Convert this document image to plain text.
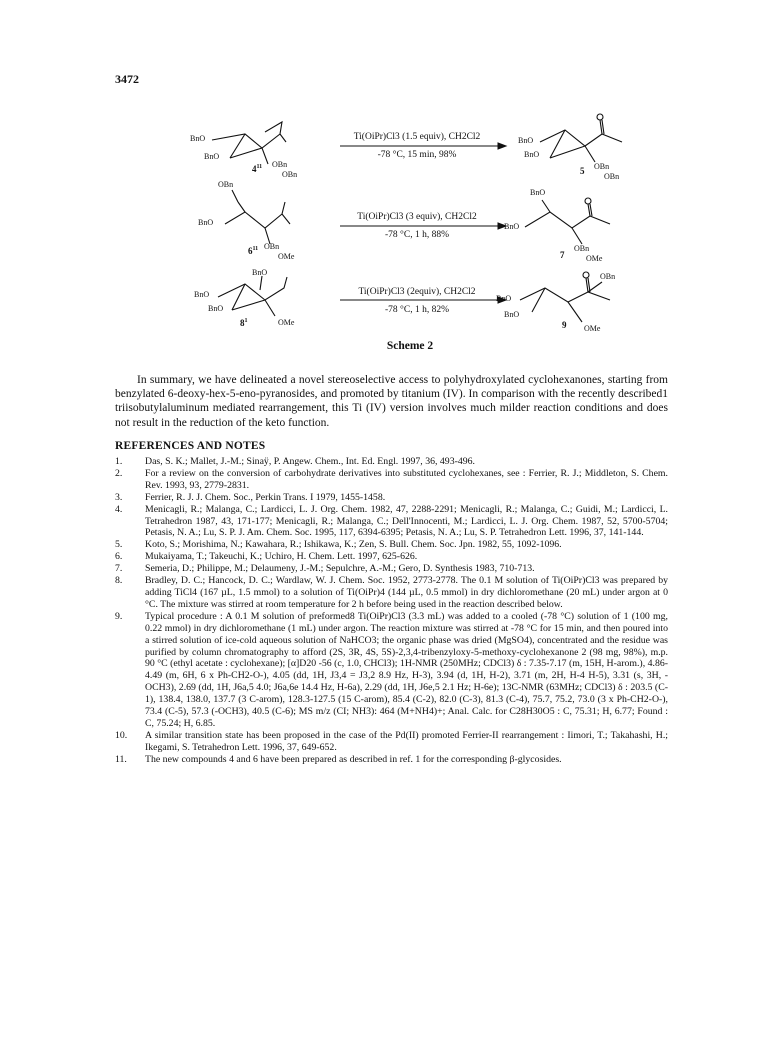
3472
BnO
BnO
OBn
OBn
$4^{11}$
Ti(OiPr)Cl3 (1.5 equiv), CH2Cl2
-78 °C, 15 min, 98%
BnO
BnO
OBn
OBn
5
OBn
BnO
OBn
OMe
$6^{11}$
Ti(OiPr)Cl3 (3 equiv), CH2Cl2
-78 °C, 1 h, 88%
BnO
BnO
OBn
OMe
7
BnO
BnO
BnO
OMe
$8^1$
Ti(OiPr)Cl3 (2equiv), CH2Cl2
-78 °C, 1 h, 82%
OBn
BnO
BnO
OMe
9
Scheme 2

In summary, we have delineated a novel stereoselective access to polyhydroxylated cyclohexanones, starting from benzylated 6-deoxy-hex-5-eno-pyranosides, and promoted by titanium (IV). In comparison with the recently described1 triisobutylaluminum mediated rearrangement, this Ti (IV) version involves much milder reaction conditions and does not result in the reduction of the keto function.

REFERENCES AND NOTES
1. Das, S. K.; Mallet, J.-M.; Sinaÿ, P. Angew. Chem., Int. Ed. Engl. 1997, 36, 493-496.
2. For a review on the conversion of carbohydrate derivatives into substituted cyclohexanes, see : Ferrier, R. J.; Middleton, S. Chem. Rev. 1993, 93, 2779-2831.
3. Ferrier, R. J. J. Chem. Soc., Perkin Trans. I 1979, 1455-1458.
4. Menicagli, R.; Malanga, C.; Lardicci, L. J. Org. Chem. 1982, 47, 2288-2291; Menicagli, R.; Malanga, C.; Guidi, M.; Lardicci, L. Tetrahedron 1987, 43, 171-177; Menicagli, R.; Malanga, C.; Dell'Innocenti, M.; Lardicci, L. J. Org. Chem. 1987, 52, 5700-5704; Petasis, N. A.; Lu, S. P. J. Am. Chem. Soc. 1995, 117, 6394-6395; Petasis, N. A.; Lu, S. P. Tetrahedron Lett. 1996, 37, 141-144.
5. Koto, S.; Morishima, N.; Kawahara, R.; Ishikawa, K.; Zen, S. Bull. Chem. Soc. Jpn. 1982, 55, 1092-1096.
6. Mukaiyama, T.; Takeuchi, K.; Uchiro, H. Chem. Lett. 1997, 625-626.
7. Semeria, D.; Philippe, M.; Delaumeny, J.-M.; Sepulchre, A.-M.; Gero, D. Synthesis 1983, 710-713.
8. Bradley, D. C.; Hancock, D. C.; Wardlaw, W. J. Chem. Soc. 1952, 2773-2778. The 0.1 M solution of Ti(OiPr)Cl3 was prepared by adding TiCl4 (167 µL, 1.5 mmol) to a solution of Ti(OiPr)4 (144 µL, 0.5 mmol) in dry dichloromethane (20 mL) under argon at 0 °C. The mixture was stirred at room temperature for 2 h before being used in the reaction described below.
9. Typical procedure : A 0.1 M solution of preformed8 Ti(OiPr)Cl3 (3.3 mL) was added to a cooled (-78 °C) solution of 1 (100 mg, 0.22 mmol) in dry dichloromethane (1 mL) under argon. The reaction mixture was stirred at -78 °C for 15 min, and then poured into a stirred solution of ice-cold aqueous solution of NaHCO3; the organic phase was dried (MgSO4), concentrated and the residue was purified by column chromatography to afford (2S, 3R, 4S, 5S)-2,3,4-tribenzyloxy-5-methoxy-cyclohexanone 2 (98 mg, 98%), m.p. 90 °C (ethyl acetate : cyclohexane); [α]D20 -56 (c, 1.0, CHCl3); 1H-NMR (250MHz; CDCl3) δ : 7.35-7.17 (m, 15H, H-arom.), 4.86-4.49 (m, 6H, 6 x Ph-CH2-O-), 4.05 (dd, 1H, J3,4 = J3,2 8.9 Hz, H-3), 3.94 (d, 1H, H-2), 3.71 (m, 2H, H-4 H-5), 3.31 (s, 3H, -OCH3), 2.69 (dd, 1H, J6a,5 4.0; J6a,6e 14.4 Hz, H-6a), 2.29 (dd, 1H, J6e,5 2.1 Hz; H-6e); 13C-NMR (63MHz; CDCl3) δ : 203.5 (C-1), 138.4, 138.0, 137.7 (3 C-arom), 128.3-127.5 (15 C-arom), 85.4 (C-2), 82.0 (C-3), 81.3 (C-4), 75.7, 75.2, 73.0 (3 x Ph-CH2-O-), 73.4 (C-5), 57.3 (-OCH3), 40.5 (C-6); MS m/z (CI; NH3): 464 (M+NH4)+; Anal. Calc. for C28H30O5 : C, 75.31; H, 6.77; Found : C, 75.24; H, 6.85.
10. A similar transition state has been proposed in the case of the Pd(II) promoted Ferrier-II rearrangement : Iimori, T.; Takahashi, H.; Ikegami, S. Tetrahedron Lett. 1996, 37, 649-652.
11. The new compounds 4 and 6 have been prepared as described in ref. 1 for the corresponding β-glycosides.
